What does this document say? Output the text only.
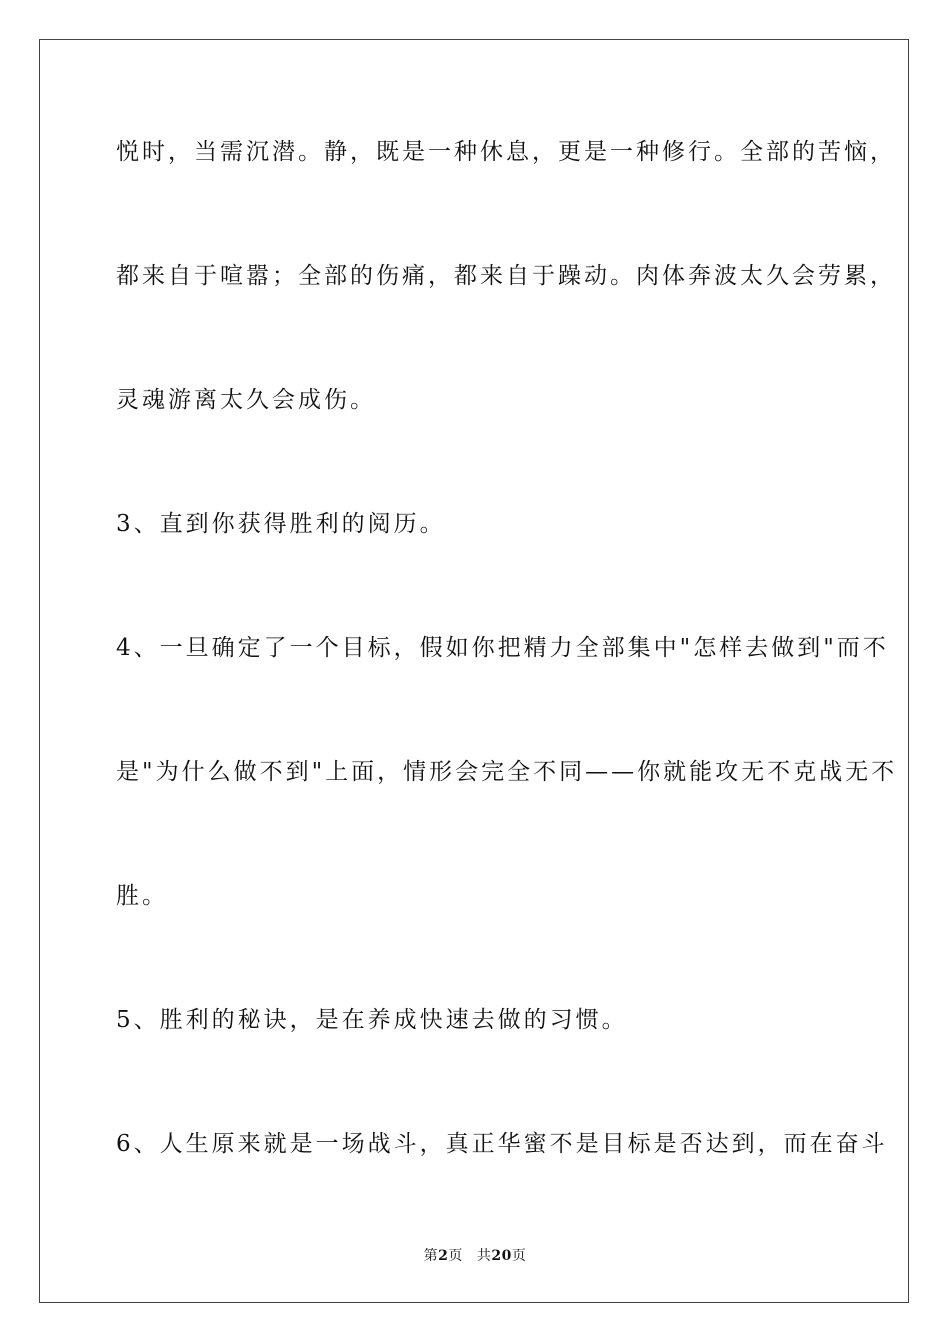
悦时，当需沉潜。静，既是一种休息，更是一种修行。全部的苦恼，

都来自于喧嚣；全部的伤痛，都来自于躁动。肉体奔波太久会劳累，

灵魂游离太久会成伤。

3、直到你获得胜利的阅历。

4、一旦确定了一个目标，假如你把精力全部集中"怎样去做到"而不

是"为什么做不到"上面，情形会完全不同——你就能攻无不克战无不

胜。

5、胜利的秘诀，是在养成快速去做的习惯。

6、人生原来就是一场战斗，真正华蜜不是目标是否达到，而在奋斗

第2页 共20页
